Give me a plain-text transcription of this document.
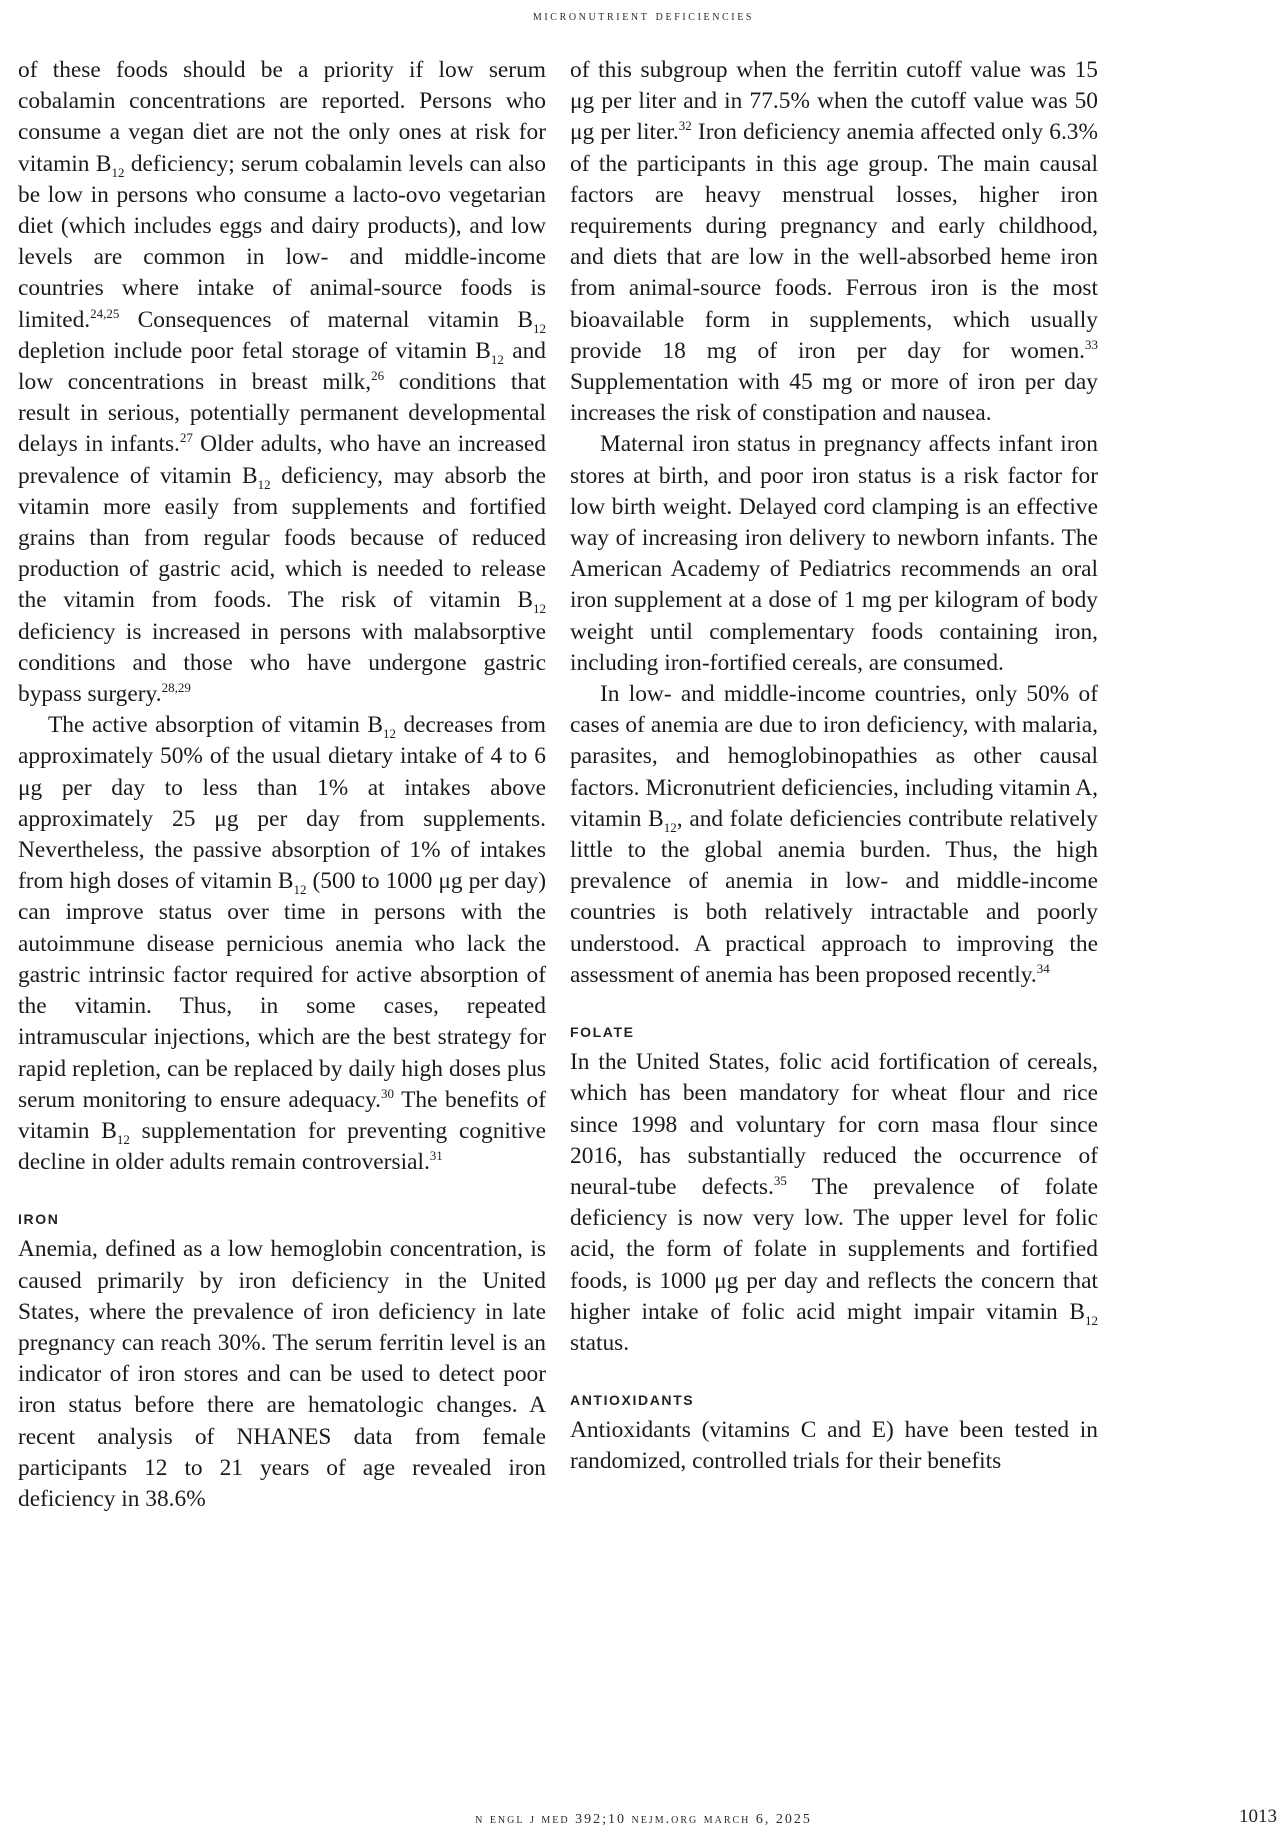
micronutrient deficiencies

of these foods should be a priority if low serum cobalamin concentrations are reported. Persons who consume a vegan diet are not the only ones at risk for vitamin $B_{12}$ deficiency; serum cobalamin levels can also be low in persons who consume a lacto-ovo vegetarian diet (which includes eggs and dairy products), and low levels are common in low- and middle-income countries where intake of animal-source foods is limited.$^{24,25}$ Consequences of maternal vitamin $B_{12}$ depletion include poor fetal storage of vitamin $B_{12}$ and low concentrations in breast milk,$^{26}$ conditions that result in serious, potentially permanent developmental delays in infants.$^{27}$ Older adults, who have an increased prevalence of vitamin $B_{12}$ deficiency, may absorb the vitamin more easily from supplements and fortified grains than from regular foods because of reduced production of gastric acid, which is needed to release the vitamin from foods. The risk of vitamin $B_{12}$ deficiency is increased in persons with malabsorptive conditions and those who have undergone gastric bypass surgery.$^{28,29}$

The active absorption of vitamin $B_{12}$ decreases from approximately 50% of the usual dietary intake of 4 to 6 μg per day to less than 1% at intakes above approximately 25 μg per day from supplements. Nevertheless, the passive absorption of 1% of intakes from high doses of vitamin $B_{12}$ (500 to 1000 μg per day) can improve status over time in persons with the autoimmune disease pernicious anemia who lack the gastric intrinsic factor required for active absorption of the vitamin. Thus, in some cases, repeated intramuscular injections, which are the best strategy for rapid repletion, can be replaced by daily high doses plus serum monitoring to ensure adequacy.$^{30}$ The benefits of vitamin $B_{12}$ supplementation for preventing cognitive decline in older adults remain controversial.$^{31}$

IRON

Anemia, defined as a low hemoglobin concentration, is caused primarily by iron deficiency in the United States, where the prevalence of iron deficiency in late pregnancy can reach 30%. The serum ferritin level is an indicator of iron stores and can be used to detect poor iron status before there are hematologic changes. A recent analysis of NHANES data from female participants 12 to 21 years of age revealed iron deficiency in 38.6%

of this subgroup when the ferritin cutoff value was 15 μg per liter and in 77.5% when the cutoff value was 50 μg per liter.$^{32}$ Iron deficiency anemia affected only 6.3% of the participants in this age group. The main causal factors are heavy menstrual losses, higher iron requirements during pregnancy and early childhood, and diets that are low in the well-absorbed heme iron from animal-source foods. Ferrous iron is the most bioavailable form in supplements, which usually provide 18 mg of iron per day for women.$^{33}$ Supplementation with 45 mg or more of iron per day increases the risk of constipation and nausea.

Maternal iron status in pregnancy affects infant iron stores at birth, and poor iron status is a risk factor for low birth weight. Delayed cord clamping is an effective way of increasing iron delivery to newborn infants. The American Academy of Pediatrics recommends an oral iron supplement at a dose of 1 mg per kilogram of body weight until complementary foods containing iron, including iron-fortified cereals, are consumed.

In low- and middle-income countries, only 50% of cases of anemia are due to iron deficiency, with malaria, parasites, and hemoglobinopathies as other causal factors. Micronutrient deficiencies, including vitamin A, vitamin $B_{12}$, and folate deficiencies contribute relatively little to the global anemia burden. Thus, the high prevalence of anemia in low- and middle-income countries is both relatively intractable and poorly understood. A practical approach to improving the assessment of anemia has been proposed recently.$^{34}$

FOLATE

In the United States, folic acid fortification of cereals, which has been mandatory for wheat flour and rice since 1998 and voluntary for corn masa flour since 2016, has substantially reduced the occurrence of neural-tube defects.$^{35}$ The prevalence of folate deficiency is now very low. The upper level for folic acid, the form of folate in supplements and fortified foods, is 1000 μg per day and reflects the concern that higher intake of folic acid might impair vitamin $B_{12}$ status.

ANTIOXIDANTS

Antioxidants (vitamins C and E) have been tested in randomized, controlled trials for their benefits

n engl j med 392;10 nejm.org march 6, 2025	1013
